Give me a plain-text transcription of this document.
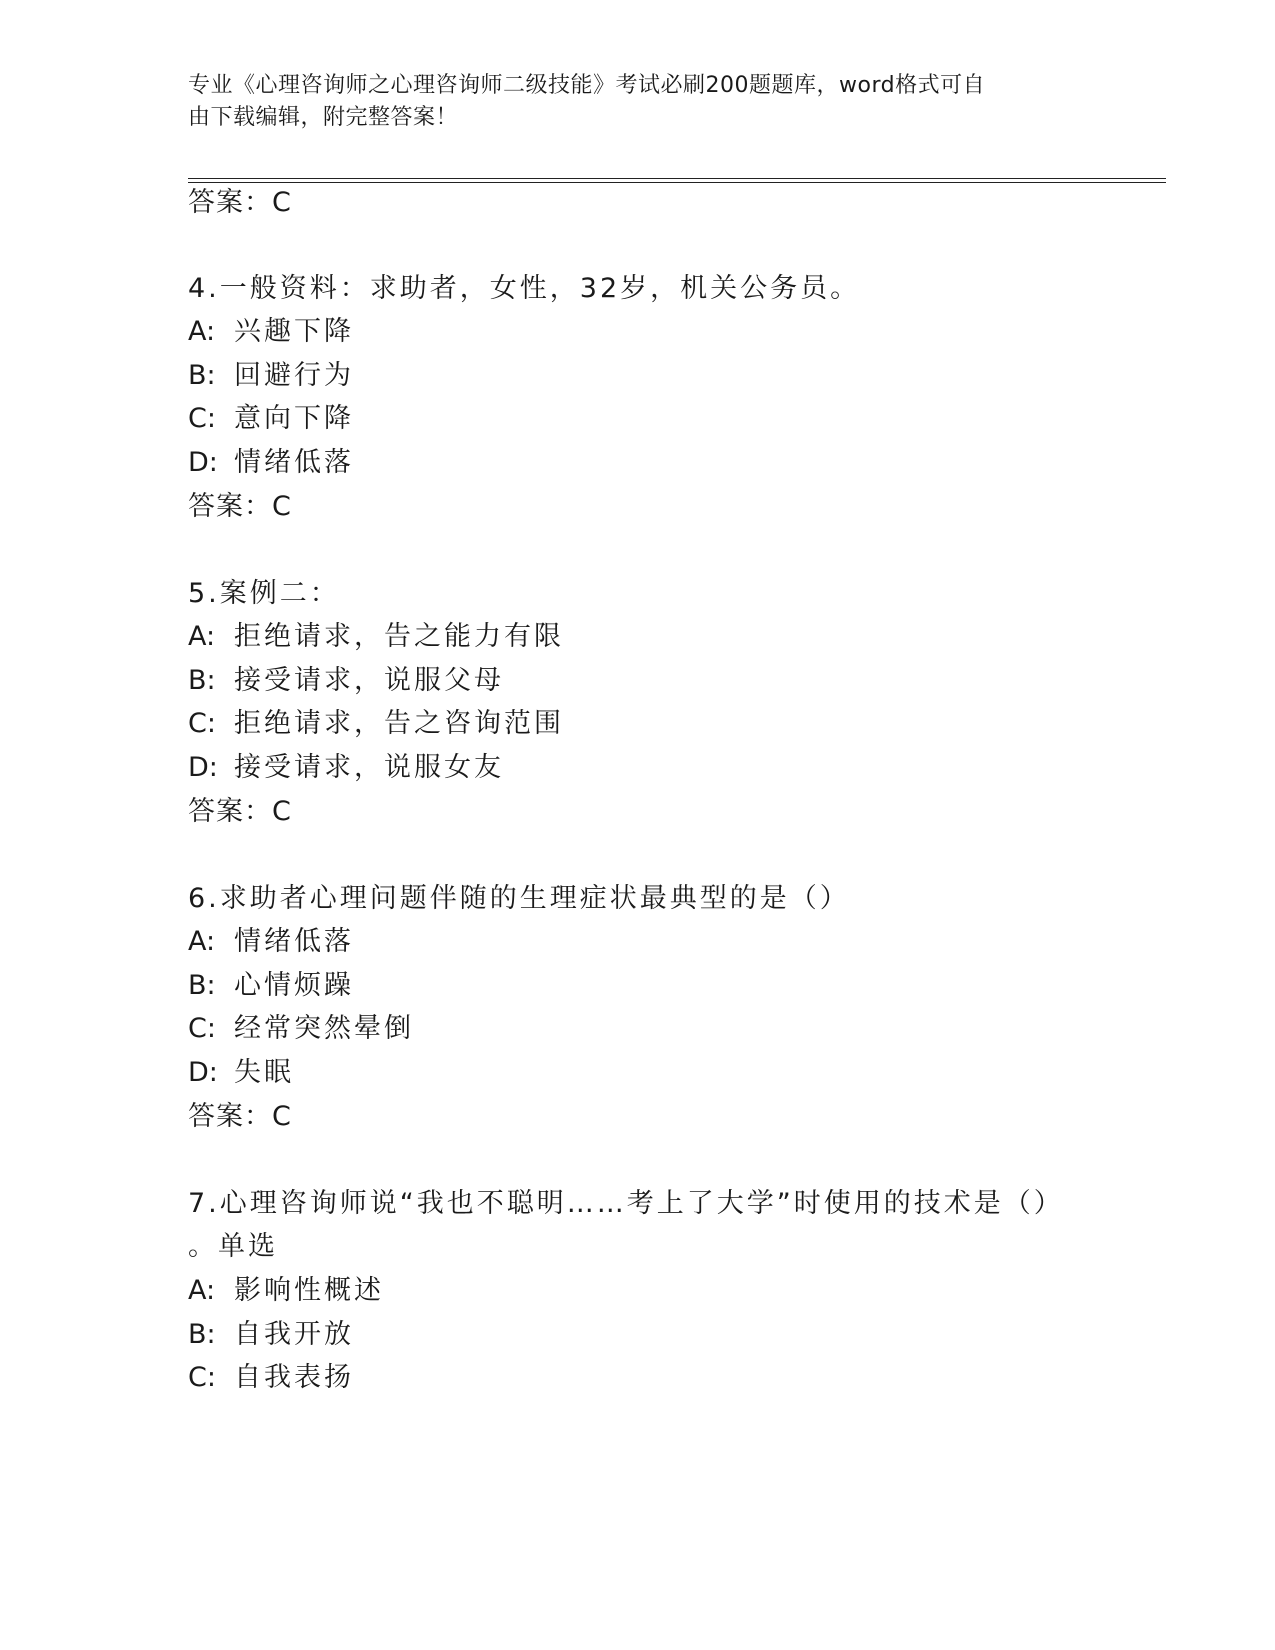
专业《心理咨询师之心理咨询师二级技能》考试必刷200题题库，word格式可自
由下载编辑，附完整答案！
答案：C
4.一般资料：求助者，女性，32岁，机关公务员。
A: 兴趣下降
B: 回避行为
C: 意向下降
D: 情绪低落
答案：C
5.案例二：
A: 拒绝请求，告之能力有限
B: 接受请求，说服父母
C: 拒绝请求，告之咨询范围
D: 接受请求，说服女友
答案：C
6.求助者心理问题伴随的生理症状最典型的是（）
A: 情绪低落
B: 心情烦躁
C: 经常突然晕倒
D: 失眠
答案：C
7.心理咨询师说“我也不聪明……考上了大学”时使用的技术是（）
。单选
A: 影响性概述
B: 自我开放
C: 自我表扬
